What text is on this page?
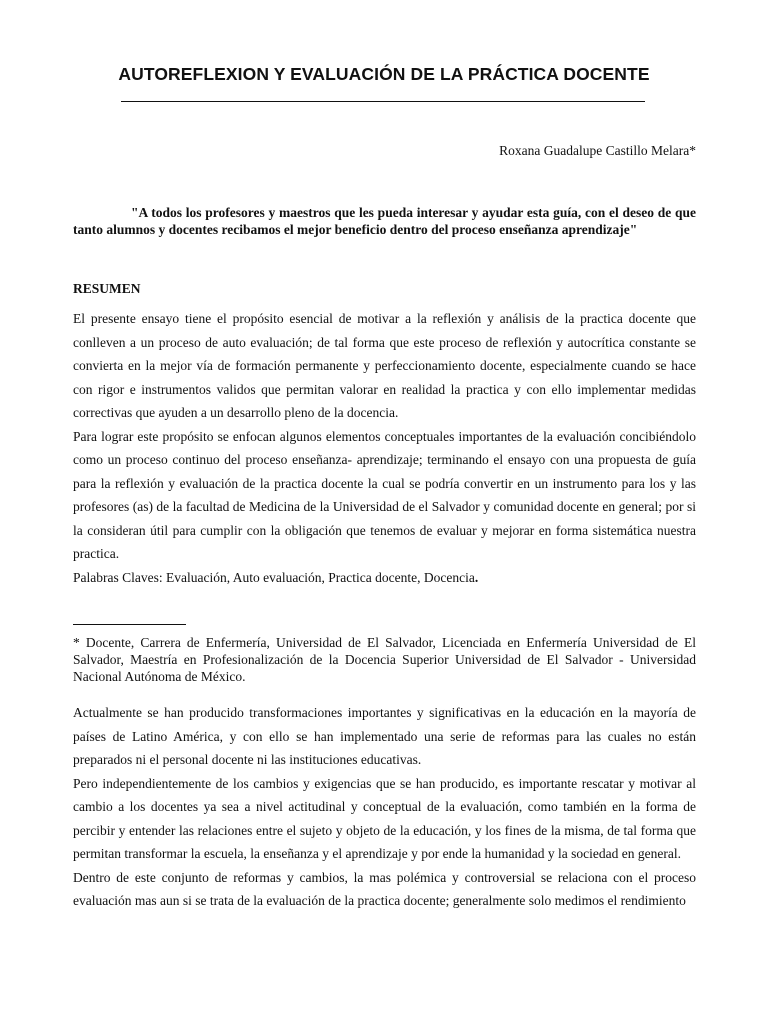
AUTOREFLEXION Y EVALUACIÓN DE LA PRÁCTICA DOCENTE

Roxana Guadalupe Castillo Melara*

"A todos los profesores y maestros que les pueda interesar y ayudar esta guía, con el deseo de que tanto alumnos y docentes recibamos el mejor beneficio dentro del proceso enseñanza aprendizaje"

RESUMEN

El presente ensayo tiene el propósito esencial de motivar a la reflexión y análisis de la practica docente que conlleven a un proceso de auto evaluación; de tal forma que este proceso de reflexión y autocrítica constante se convierta en la mejor vía de formación permanente y perfeccionamiento docente, especialmente cuando se hace con rigor e instrumentos validos que permitan valorar en realidad la practica y con ello implementar medidas correctivas que ayuden a un desarrollo pleno de la docencia.

Para lograr este propósito se enfocan algunos elementos conceptuales importantes de la evaluación concibiéndolo como un proceso continuo del proceso enseñanza- aprendizaje; terminando el ensayo con una propuesta de guía para la reflexión y evaluación de la practica docente la cual se podría convertir en un instrumento para los y las profesores (as) de la facultad de Medicina de la Universidad de el Salvador y comunidad docente en general; por si la consideran útil para cumplir con la obligación que tenemos de evaluar y mejorar en forma sistemática nuestra practica.

Palabras Claves: Evaluación, Auto evaluación, Practica docente, Docencia.

* Docente, Carrera de Enfermería, Universidad de El Salvador, Licenciada en Enfermería Universidad de El Salvador, Maestría en Profesionalización de la Docencia Superior Universidad de El Salvador - Universidad Nacional Autónoma de México.

Actualmente se han producido transformaciones importantes y significativas en la educación en la mayoría de países de Latino América, y con ello se han implementado una serie de reformas para las cuales no están preparados ni el personal docente ni las instituciones educativas.

Pero independientemente de los cambios y exigencias que se han producido, es importante rescatar y motivar al cambio a los docentes ya sea a nivel actitudinal y conceptual de la evaluación, como también en la forma de percibir y entender las relaciones entre el sujeto y objeto de la educación, y los fines de la misma, de tal forma que permitan transformar la escuela, la enseñanza y el aprendizaje y por ende la humanidad y la sociedad en general.

Dentro de este conjunto de reformas y cambios, la mas polémica y controversial se relaciona con el proceso evaluación mas aun si se trata de la evaluación de la practica docente; generalmente solo medimos el rendimiento
